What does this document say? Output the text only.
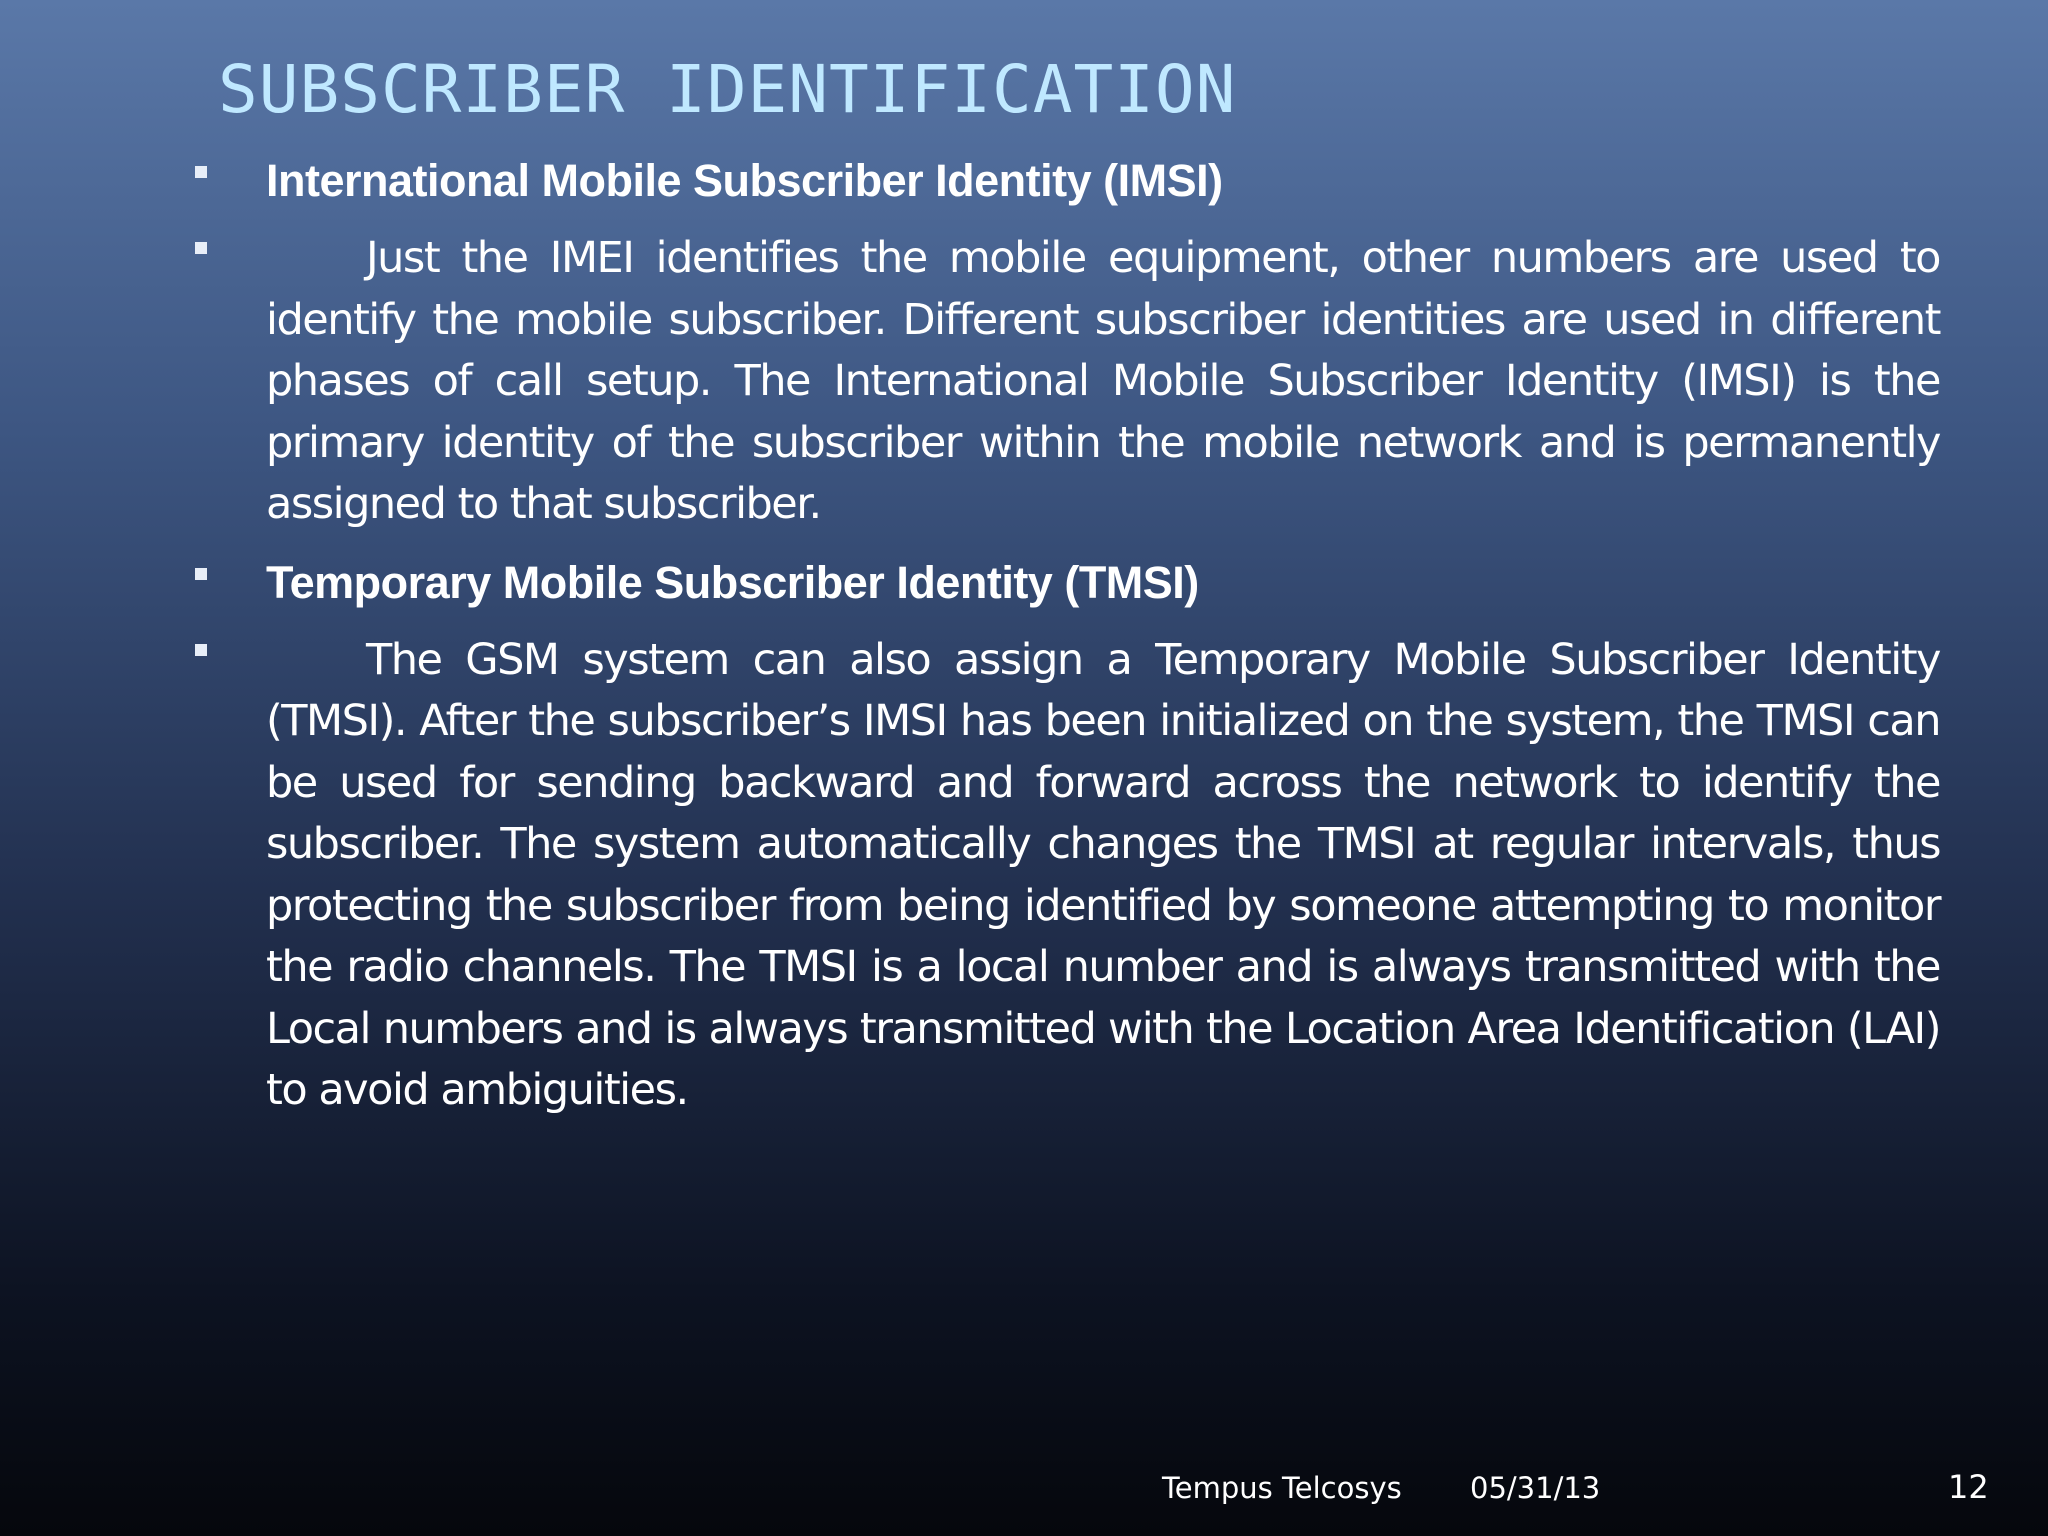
SUBSCRIBER IDENTIFICATION
International Mobile Subscriber Identity (IMSI)
Just the IMEI identifies the mobile equipment, other numbers are used to identify the mobile subscriber. Different subscriber identities are used in different phases of call setup. The International Mobile Subscriber Identity (IMSI) is the primary identity of the subscriber within the mobile network and is permanently assigned to that subscriber.
Temporary Mobile Subscriber Identity (TMSI)
The GSM system can also assign a Temporary Mobile Subscriber Identity (TMSI). After the subscriber’s IMSI has been initialized on the system, the TMSI can be used for sending backward and forward across the network to identify the subscriber. The system automatically changes the TMSI at regular intervals, thus protecting the subscriber from being identified by someone attempting to monitor the radio channels. The TMSI is a local number and is always transmitted with the Local numbers and is always transmitted with the Location Area Identification (LAI) to avoid ambiguities.
Tempus Telcosys 05/31/13	12
